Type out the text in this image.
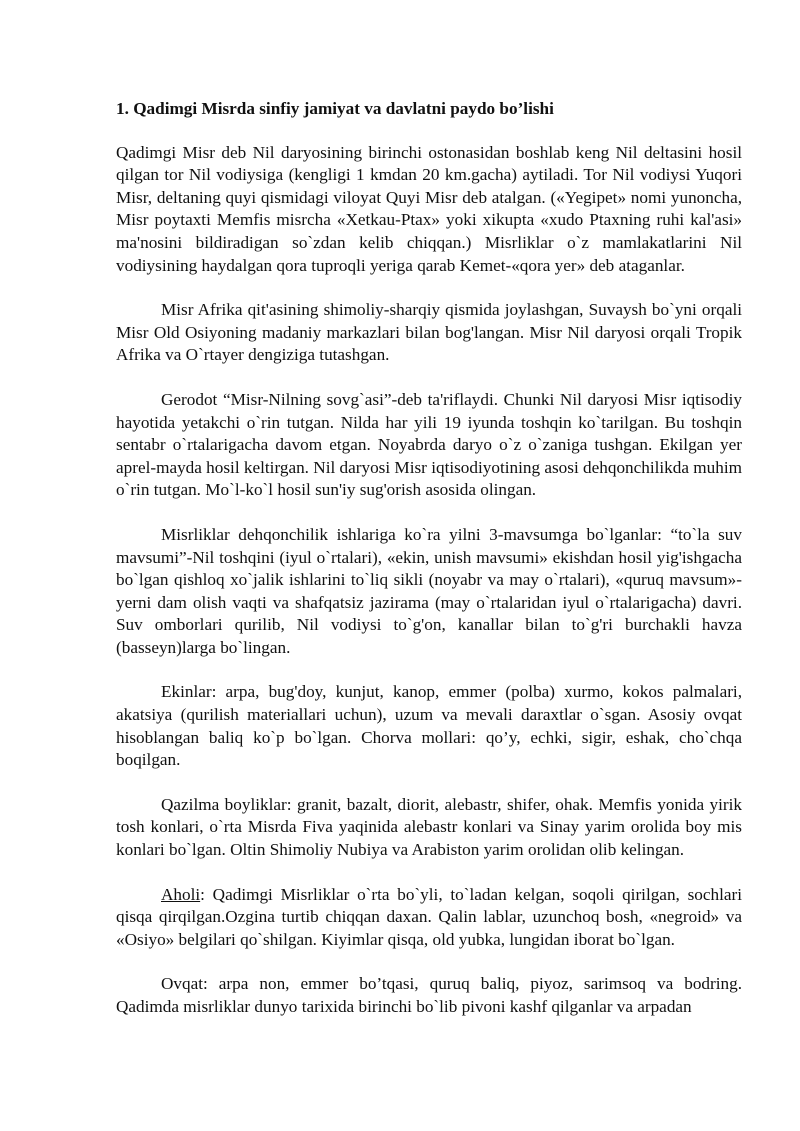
1. Qadimgi Misrda sinfiy jamiyat va davlatni paydo bo’lishi

Qadimgi Misr deb Nil daryosining birinchi ostonasidan boshlab keng Nil deltasini hosil qilgan tor Nil vodiysiga (kengligi 1 kmdan 20 km.gacha) aytiladi. Tor Nil vodiysi Yuqori Misr, deltaning quyi qismidagi viloyat Quyi Misr deb atalgan. («Yegipet» nomi yunoncha, Misr poytaxti Memfis misrcha «Xetkau-Ptax» yoki xikupta «xudo Ptaxning ruhi kal'asi» ma'nosini bildiradigan so`zdan kelib chiqqan.) Misrliklar o`z mamlakatlarini Nil vodiysining haydalgan qora tuproqli yeriga qarab Kemet-«qora yer» deb ataganlar.

Misr Afrika qit'asining shimoliy-sharqiy qismida joylashgan, Suvaysh bo`yni orqali Misr Old Osiyoning madaniy markazlari bilan bog'langan. Misr Nil daryosi orqali Tropik Afrika va O`rtayer dengiziga tutashgan.

Gerodot “Misr-Nilning sovg`asi”-deb ta'riflaydi. Chunki Nil daryosi Misr iqtisodiy hayotida yetakchi o`rin tutgan. Nilda har yili 19 iyunda toshqin ko`tarilgan. Bu toshqin sentabr o`rtalarigacha davom etgan. Noyabrda daryo o`z o`zaniga tushgan. Ekilgan yer aprel-mayda hosil keltirgan. Nil daryosi Misr iqtisodiyotining asosi dehqonchilikda muhim o`rin tutgan. Mo`l-ko`l hosil sun'iy sug'orish asosida olingan.

Misrliklar dehqonchilik ishlariga ko`ra yilni 3-mavsumga bo`lganlar: “to`la suv mavsumi”-Nil toshqini (iyul o`rtalari), «ekin, unish mavsumi» ekishdan hosil yig'ishgacha bo`lgan qishloq xo`jalik ishlarini to`liq sikli (noyabr va may o`rtalari), «quruq mavsum»-yerni dam olish vaqti va shafqatsiz jazirama (may o`rtalaridan iyul o`rtalarigacha) davri. Suv omborlari qurilib, Nil vodiysi to`g'on, kanallar bilan to`g'ri burchakli havza (basseyn)larga bo`lingan.

Ekinlar: arpa, bug'doy, kunjut, kanop, emmer (polba) xurmo, kokos palmalari, akatsiya (qurilish materiallari uchun), uzum va mevali daraxtlar o`sgan. Asosiy ovqat hisoblangan baliq ko`p bo`lgan. Chorva mollari: qo’y, echki, sigir, eshak, cho`chqa boqilgan.

Qazilma boyliklar: granit, bazalt, diorit, alebastr, shifer, ohak. Memfis yonida yirik tosh konlari, o`rta Misrda Fiva yaqinida alebastr konlari va Sinay yarim orolida boy mis konlari bo`lgan. Oltin Shimoliy Nubiya va Arabiston yarim orolidan olib kelingan.

Aholi: Qadimgi Misrliklar o`rta bo`yli, to`ladan kelgan, soqoli qirilgan, sochlari qisqa qirqilgan.Ozgina turtib chiqqan daxan. Qalin lablar, uzunchoq bosh, «negroid» va «Osiyo» belgilari qo`shilgan. Kiyimlar qisqa, old yubka, lungidan iborat bo`lgan.

Ovqat: arpa non, emmer bo’tqasi, quruq baliq, piyoz, sarimsoq va bodring. Qadimda misrliklar dunyo tarixida birinchi bo`lib pivoni kashf qilganlar va arpadan
